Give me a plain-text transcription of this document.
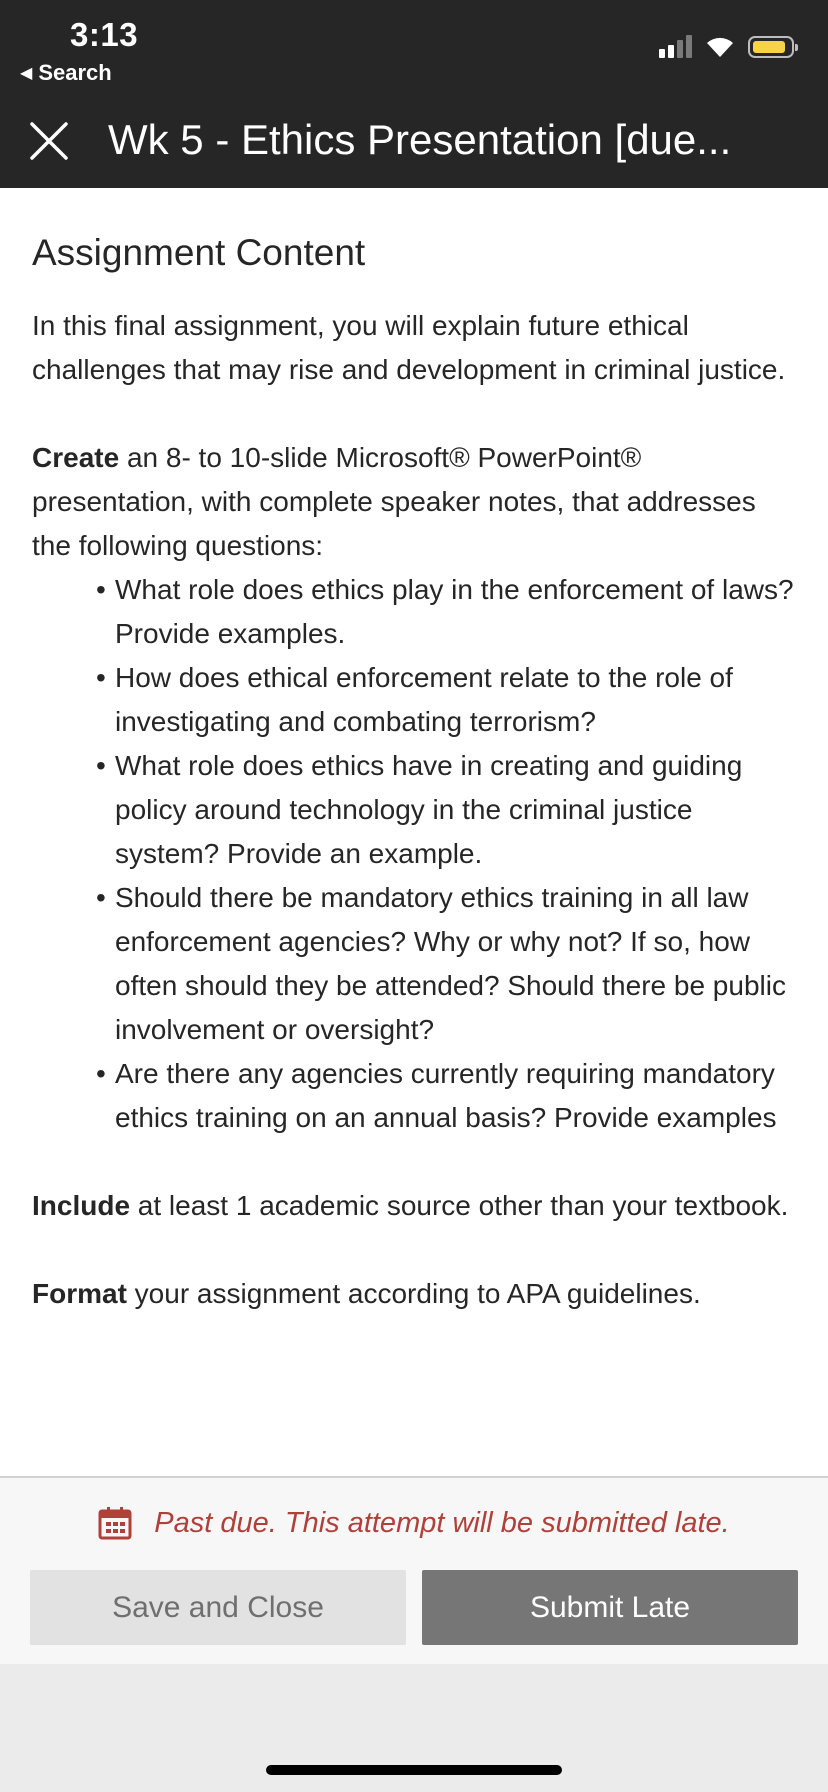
3:13
◀ Search
Wk 5 - Ethics Presentation [due...
Assignment Content

In this final assignment, you will explain future ethical challenges that may rise and development in criminal justice.

Create an 8- to 10-slide Microsoft® PowerPoint® presentation, with complete speaker notes, that addresses the following questions:

• What role does ethics play in the enforcement of laws? Provide examples.
• How does ethical enforcement relate to the role of investigating and combating terrorism?
• What role does ethics have in creating and guiding policy around technology in the criminal justice system? Provide an example.
• Should there be mandatory ethics training in all law enforcement agencies? Why or why not? If so, how often should they be attended? Should there be public involvement or oversight?
• Are there any agencies currently requiring mandatory ethics training on an annual basis? Provide examples

Include at least 1 academic source other than your textbook.

Format your assignment according to APA guidelines.

Past due. This attempt will be submitted late.
Save and Close	Submit Late
